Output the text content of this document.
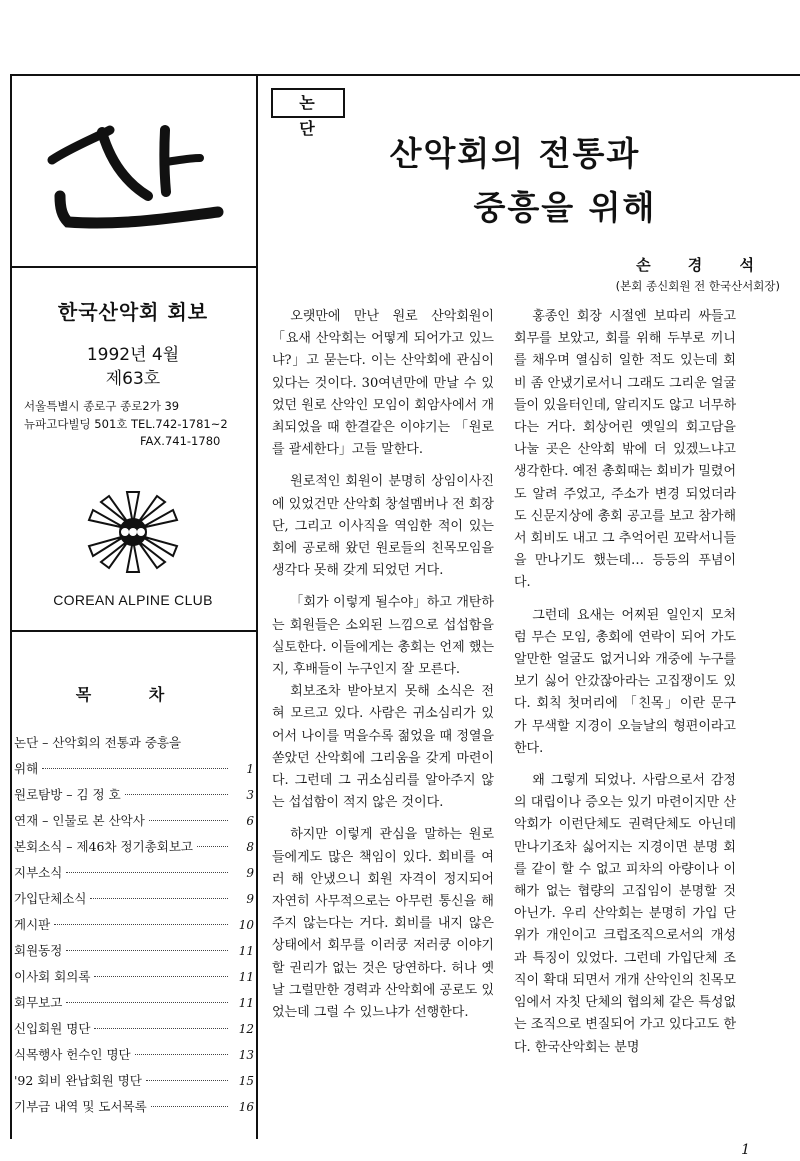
한국산악회 회보
1992년 4월
제63호
서울특별시 종로구 종로2가 39
뉴파고다빌딩 501호 TEL.742-1781~2
FAX.741-1780
COREAN ALPINE CLUB
목 차
논단 – 산악회의 전통과 중흥을
위해	1
원로탐방 – 김 정 호	3
연재 – 인물로 본 산악사	6
본회소식 – 제46차 정기총회보고	8
지부소식	9
가입단체소식	9
게시판	10
회원동정	11
이사회 회의록	11
회무보고	11
신입회원 명단	12
식목행사 헌수인 명단	13
'92 회비 완납회원 명단	15
기부금 내역 및 도서목록	16
논 단
산악회의 전통과
중흥을 위해
손 경 석
(본회 종신회원 전 한국산서회장)

오랫만에 만난 원로 산악회원이 「요새 산악회는 어떻게 되어가고 있느냐?」고 묻는다. 이는 산악회에 관심이 있다는 것이다. 30여년만에 만날 수 있었던 원로 산악인 모임이 회암사에서 개최되었을 때 한결같은 이야기는 「원로를 괄세한다」고들 말한다.

원로적인 회원이 분명히 상임이사진에 있었건만 산악회 창설멤버나 전 회장단, 그리고 이사직을 역임한 적이 있는 회에 공로해 왔던 원로들의 친목모임을 생각다 못해 갖게 되었던 거다.

「회가 이렇게 될수야」하고 개탄하는 회원들은 소외된 느낌으로 섭섭함을 실토한다. 이들에게는 총회는 언제 했는지, 후배들이 누구인지 잘 모른다.

회보조차 받아보지 못해 소식은 전혀 모르고 있다. 사람은 귀소심리가 있어서 나이를 먹을수록 젊었을 때 정열을 쏟았던 산악회에 그리움을 갖게 마련이다. 그런데 그 귀소심리를 알아주지 않는 섭섭함이 적지 않은 것이다.

하지만 이렇게 관심을 말하는 원로들에게도 많은 책임이 있다. 회비를 여러 해 안냈으니 회원 자격이 정지되어 자연히 사무적으로는 아무런 통신을 해 주지 않는다는 거다. 회비를 내지 않은 상태에서 회무를 이러쿵 저러쿵 이야기할 권리가 없는 것은 당연하다. 허나 옛날 그럴만한 경력과 산악회에 공로도 있었는데 그럴 수 있느냐가 선행한다.

홍종인 회장 시절엔 보따리 싸들고 회무를 보았고, 회를 위해 두부로 끼니를 채우며 열심히 일한 적도 있는데 회비 좀 안냈기로서니 그래도 그리운 얼굴들이 있을터인데, 알리지도 않고 너무하다는 거다. 회상어린 옛일의 회고담을 나눌 곳은 산악회 밖에 더 있겠느냐고 생각한다. 예전 총회때는 회비가 밀렸어도 알려 주었고, 주소가 변경 되었더라도 신문지상에 총회 공고를 보고 참가해서 회비도 내고 그 추억어린 꼬락서니들을 만나기도 했는데… 등등의 푸념이다.

그런데 요새는 어찌된 일인지 모처럼 무슨 모임, 총회에 연락이 되어 가도 알만한 얼굴도 없거니와 개중에 누구를 보기 싫어 안갔잖아라는 고집쟁이도 있다. 회칙 첫머리에 「친목」이란 문구가 무색할 지경이 오늘날의 형편이라고 한다.

왜 그렇게 되었나. 사람으로서 감정의 대립이나 증오는 있기 마련이지만 산악회가 이런단체도 권력단체도 아닌데 만나기조차 싫어지는 지경이면 분명 회를 같이 할 수 없고 피차의 아량이나 이해가 없는 협량의 고집임이 분명할 것 아닌가. 우리 산악회는 분명히 가입 단위가 개인이고 크럽조직으로서의 개성과 특징이 있었다. 그런데 가입단체 조직이 확대 되면서 개개 산악인의 친목모임에서 자칫 단체의 협의체 같은 특성없는 조직으로 변질되어 가고 있다고도 한다. 한국산악회는 분명

1
